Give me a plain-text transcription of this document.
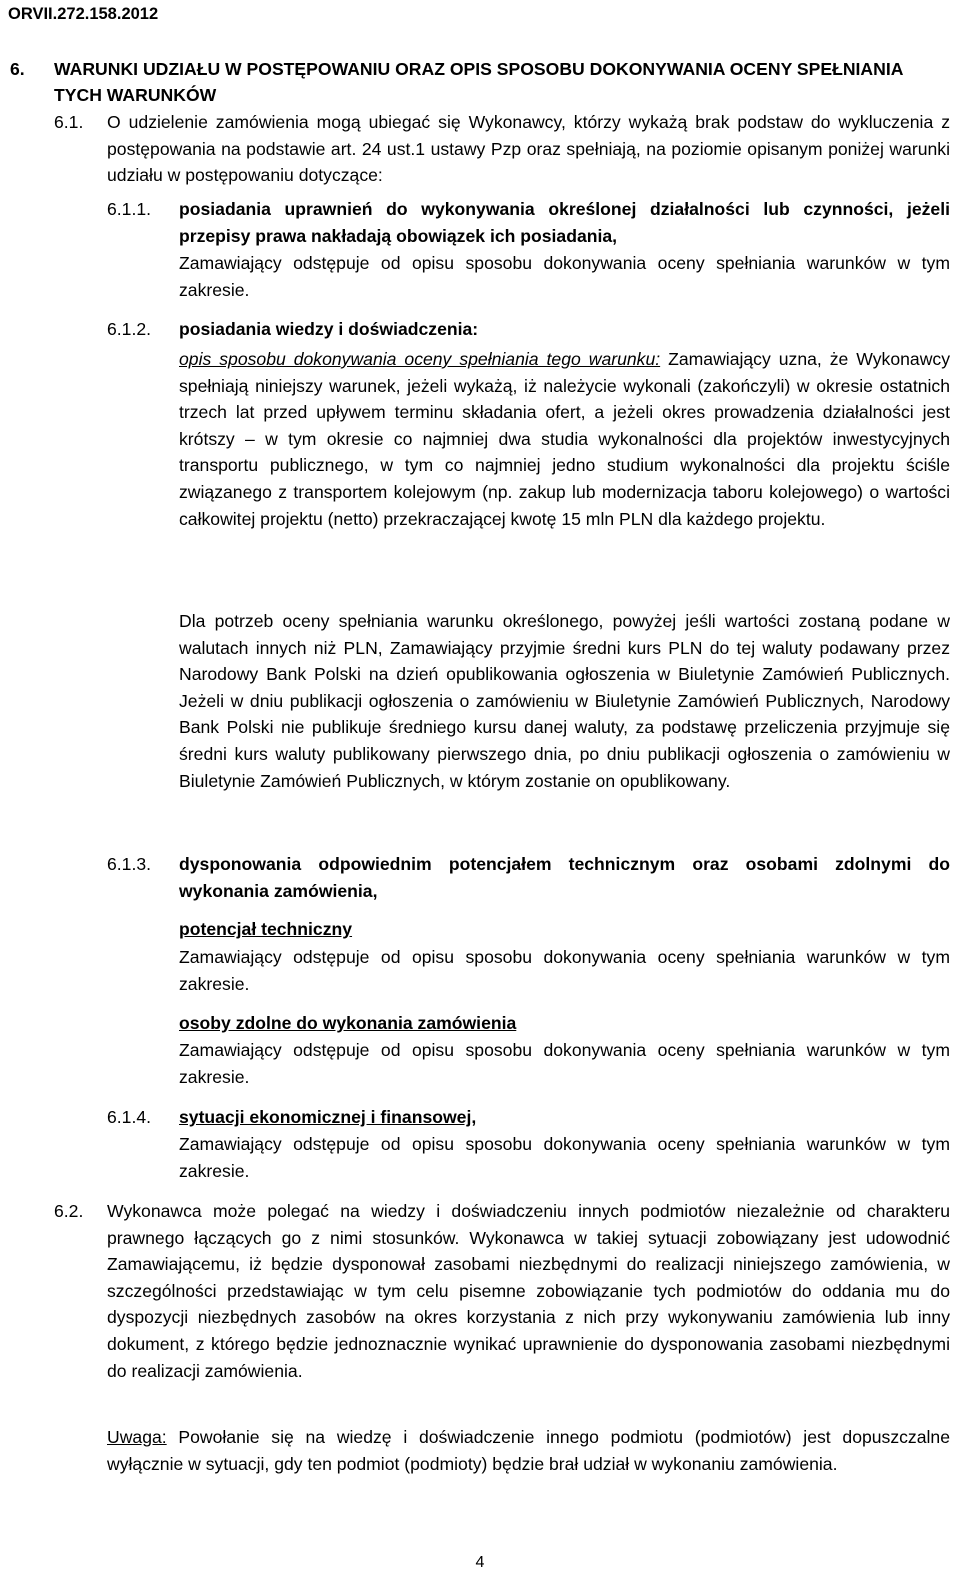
ORVII.272.158.2012
6.	WARUNKI UDZIAŁU W POSTĘPOWANIU ORAZ OPIS SPOSOBU DOKONYWANIA OCENY SPEŁNIANIA TYCH WARUNKÓW
6.1. O udzielenie zamówienia mogą ubiegać się Wykonawcy, którzy wykażą brak podstaw do wykluczenia z postępowania na podstawie art. 24 ust.1 ustawy Pzp oraz spełniają, na poziomie opisanym poniżej warunki udziału w postępowaniu dotyczące:

6.1.1. posiadania uprawnień do wykonywania określonej działalności lub czynności, jeżeli przepisy prawa nakładają obowiązek ich posiadania,

Zamawiający odstępuje od opisu sposobu dokonywania oceny spełniania warunków w tym zakresie.

6.1.2. posiadania wiedzy i doświadczenia:

opis sposobu dokonywania oceny spełniania tego warunku: Zamawiający uzna, że Wykonawcy spełniają niniejszy warunek, jeżeli wykażą, iż należycie wykonali (zakończyli) w okresie ostatnich trzech lat przed upływem terminu składania ofert, a jeżeli okres prowadzenia działalności jest krótszy – w tym okresie co najmniej dwa studia wykonalności dla projektów inwestycyjnych transportu publicznego, w tym co najmniej jedno studium wykonalności dla projektu ściśle związanego z transportem kolejowym (np. zakup lub modernizacja taboru kolejowego) o wartości całkowitej projektu (netto) przekraczającej kwotę 15 mln PLN dla każdego projektu.

Dla potrzeb oceny spełniania warunku określonego, powyżej jeśli wartości zostaną podane w walutach innych niż PLN, Zamawiający przyjmie średni kurs PLN do tej waluty podawany przez Narodowy Bank Polski na dzień opublikowania ogłoszenia w Biuletynie Zamówień Publicznych. Jeżeli w dniu publikacji ogłoszenia o zamówieniu w Biuletynie Zamówień Publicznych, Narodowy Bank Polski nie publikuje średniego kursu danej waluty, za podstawę przeliczenia przyjmuje się średni kurs waluty publikowany pierwszego dnia, po dniu publikacji ogłoszenia o zamówieniu w Biuletynie Zamówień Publicznych, w którym zostanie on opublikowany.

6.1.3. dysponowania odpowiednim potencjałem technicznym oraz osobami zdolnymi do wykonania zamówienia,

potencjał techniczny

Zamawiający odstępuje od opisu sposobu dokonywania oceny spełniania warunków w tym zakresie.

osoby zdolne do wykonania zamówienia

Zamawiający odstępuje od opisu sposobu dokonywania oceny spełniania warunków w tym zakresie.

6.1.4. sytuacji ekonomicznej i finansowej,

Zamawiający odstępuje od opisu sposobu dokonywania oceny spełniania warunków w tym zakresie.

6.2. Wykonawca może polegać na wiedzy i doświadczeniu innych podmiotów niezależnie od charakteru prawnego łączących go z nimi stosunków. Wykonawca w takiej sytuacji zobowiązany jest udowodnić Zamawiającemu, iż będzie dysponował zasobami niezbędnymi do realizacji niniejszego zamówienia, w szczególności przedstawiając w tym celu pisemne zobowiązanie tych podmiotów do oddania mu do dyspozycji niezbędnych zasobów na okres korzystania z nich przy wykonywaniu zamówienia lub inny dokument, z którego będzie jednoznacznie wynikać uprawnienie do dysponowania zasobami niezbędnymi do realizacji zamówienia.

Uwaga: Powołanie się na wiedzę i doświadczenie innego podmiotu (podmiotów) jest dopuszczalne wyłącznie w sytuacji, gdy ten podmiot (podmioty) będzie brał udział w wykonaniu zamówienia.

4
